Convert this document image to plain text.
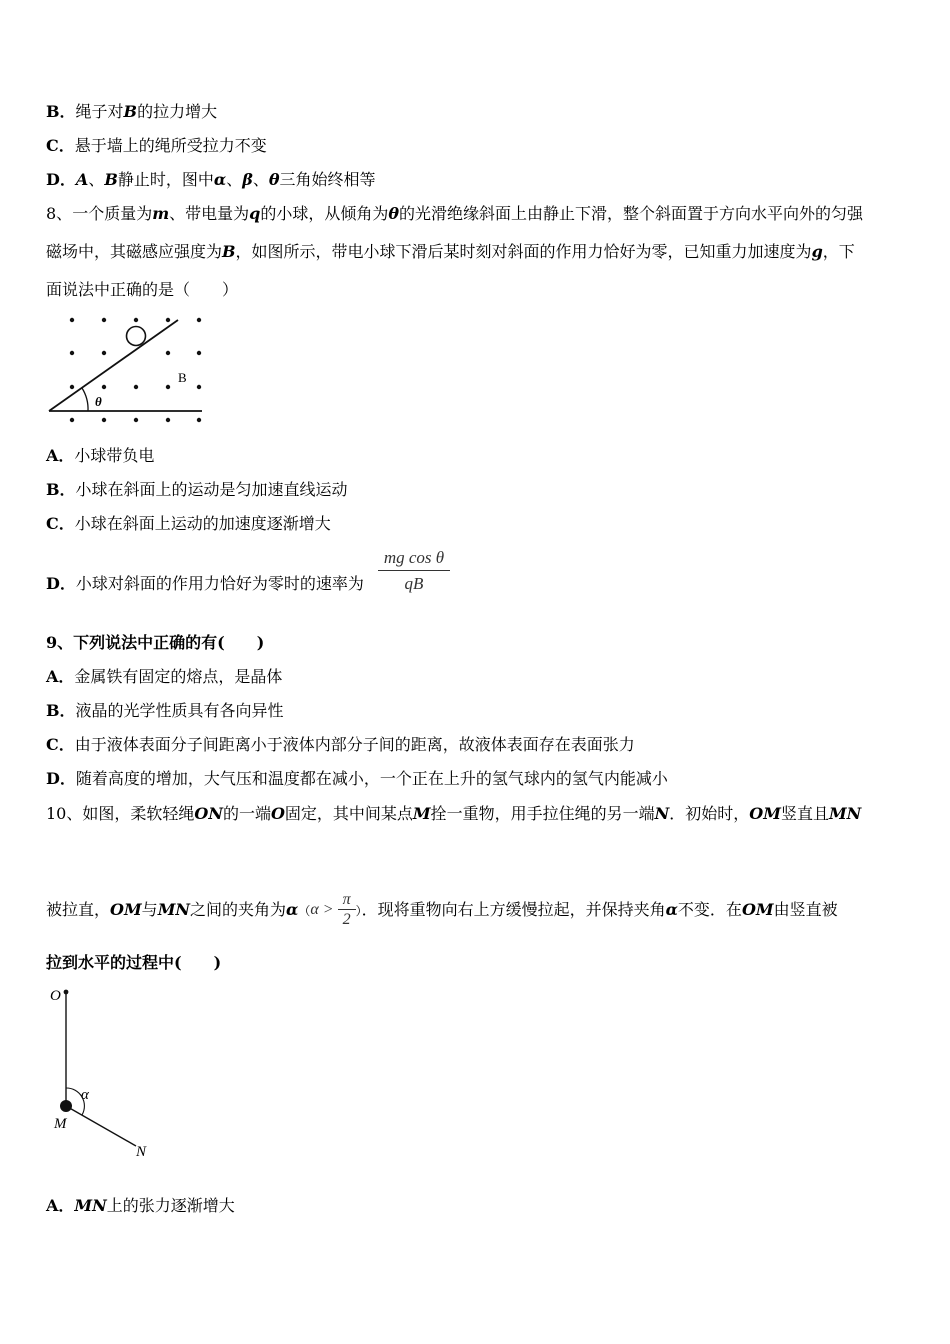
B．绳子对B的拉力增大
C．悬于墙上的绳所受拉力不变
D．A、B静止时，图中α、β、θ三角始终相等
8、一个质量为m、带电量为q的小球，从倾角为θ的光滑绝缘斜面上由静止下滑，整个斜面置于方向水平向外的匀强
磁场中，其磁感应强度为B，如图所示，带电小球下滑后某时刻对斜面的作用力恰好为零，已知重力加速度为g，下
面说法中正确的是（　　）
θ
B
A．小球带负电
B．小球在斜面上的运动是匀加速直线运动
C．小球在斜面上运动的加速度逐渐增大
D．小球对斜面的作用力恰好为零时的速率为 $\frac{\text{mg cos θ}}{qB}$
9、下列说法中正确的有(　　)
A．金属铁有固定的熔点，是晶体
B．液晶的光学性质具有各向异性
C．由于液体表面分子间距离小于液体内部分子间的距离，故液体表面存在表面张力
D．随着高度的增加，大气压和温度都在减小，一个正在上升的氢气球内的氢气内能减小
10、如图，柔软轻绳ON的一端O固定，其中间某点M拴一重物，用手拉住绳的另一端N．初始时，OM竖直且MN
被拉直，OM与MN之间的夹角为$\alpha(\alpha > \frac{\pi}{2}$ ）．现将重物向右上方缓慢拉起，并保持夹角α不变．在OM由竖直被
拉到水平的过程中(　　)
O
M
N
α
A．MN上的张力逐渐增大
